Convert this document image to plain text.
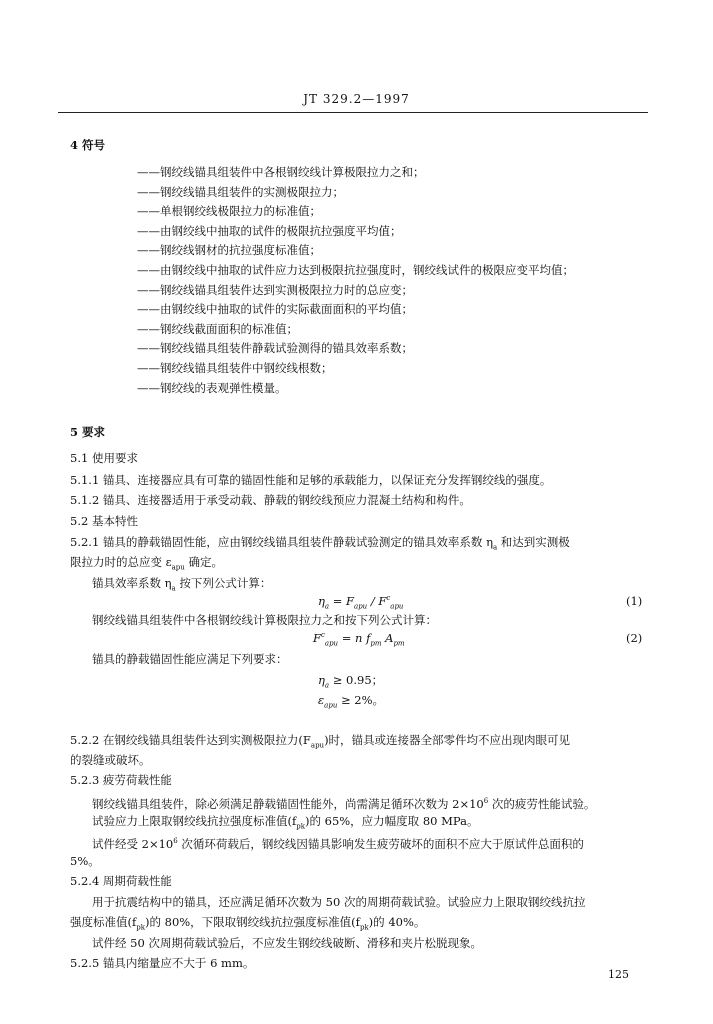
JT 329.2—1997
4 符号
——钢绞线锚具组装件中各根钢绞线计算极限拉力之和；
——钢绞线锚具组装件的实测极限拉力；
——单根钢绞线极限拉力的标准值；
——由钢绞线中抽取的试件的极限抗拉强度平均值；
——钢绞线钢材的抗拉强度标准值；
——由钢绞线中抽取的试件应力达到极限抗拉强度时，钢绞线试件的极限应变平均值；
——钢绞线锚具组装件达到实测极限拉力时的总应变；
——由钢绞线中抽取的试件的实际截面面积的平均值；
——钢绞线截面面积的标准值；
——钢绞线锚具组装件静载试验测得的锚具效率系数；
——钢绞线锚具组装件中钢绞线根数；
——钢绞线的表观弹性模量。
5 要求
5.1 使用要求
5.1.1 锚具、连接器应具有可靠的锚固性能和足够的承载能力，以保证充分发挥钢绞线的强度。
5.1.2 锚具、连接器适用于承受动载、静载的钢绞线预应力混凝土结构和构件。
5.2 基本特性
5.2.1 锚具的静载锚固性能，应由钢绞线锚具组装件静载试验测定的锚具效率系数 $\eta_a$ 和达到实测极
限拉力时的总应变 $\varepsilon_{apu}$ 确定。
锚具效率系数 $\eta_a$ 按下列公式计算：
$\eta_a = F_{apu} / F^c_{apu}$	(1)
钢绞线锚具组装件中各根钢绞线计算极限拉力之和按下列公式计算：
$F^c_{apu} = n$ $f_{pm}$ $A_{pm}$	(2)
锚具的静载锚固性能应满足下列要求：
$\eta_a \ge 0.95$；
$\varepsilon_{apu} \ge 2\%$。
5.2.2 在钢绞线锚具组装件达到实测极限拉力$(F_{apu})$时，锚具或连接器全部零件均不应出现肉眼可见
的裂缝或破坏。
5.2.3 疲劳荷载性能
钢绞线锚具组装件，除必须满足静载锚固性能外，尚需满足循环次数为 $2\times 10^6$ 次的疲劳性能试验。
试验应力上限取钢绞线抗拉强度标准值$(f_{pk})$的 65%，应力幅度取 80 MPa。
试件经受 $2\times 10^6$ 次循环荷载后，钢绞线因锚具影响发生疲劳破坏的面积不应大于原试件总面积的
5%。
5.2.4 周期荷载性能
用于抗震结构中的锚具，还应满足循环次数为 50 次的周期荷载试验。试验应力上限取钢绞线抗拉
强度标准值$(f_{pk})$的 80%，下限取钢绞线抗拉强度标准值$(f_{pk})$的 40%。
试件经 50 次周期荷载试验后，不应发生钢绞线破断、滑移和夹片松脱现象。
5.2.5 锚具内缩量应不大于 6 mm。
125
